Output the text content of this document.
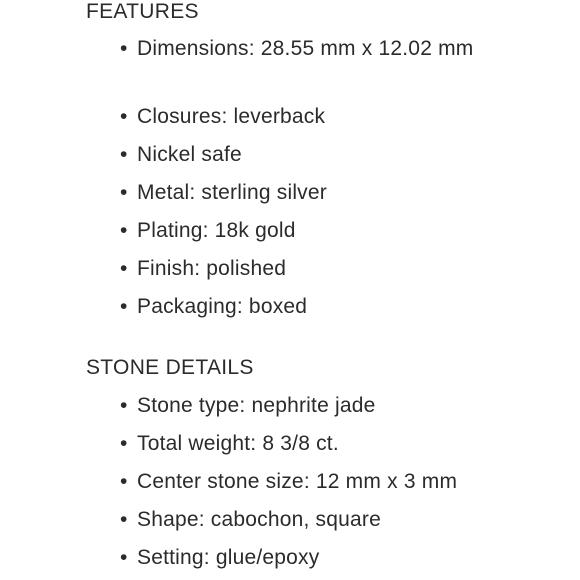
FEATURES
• Dimensions: 28.55 mm x 12.02 mm
• Closures: leverback
• Nickel safe
• Metal: sterling silver
• Plating: 18k gold
• Finish: polished
• Packaging: boxed
STONE DETAILS
• Stone type: nephrite jade
• Total weight: 8 3/8 ct.
• Center stone size: 12 mm x 3 mm
• Shape: cabochon, square
• Setting: glue/epoxy
